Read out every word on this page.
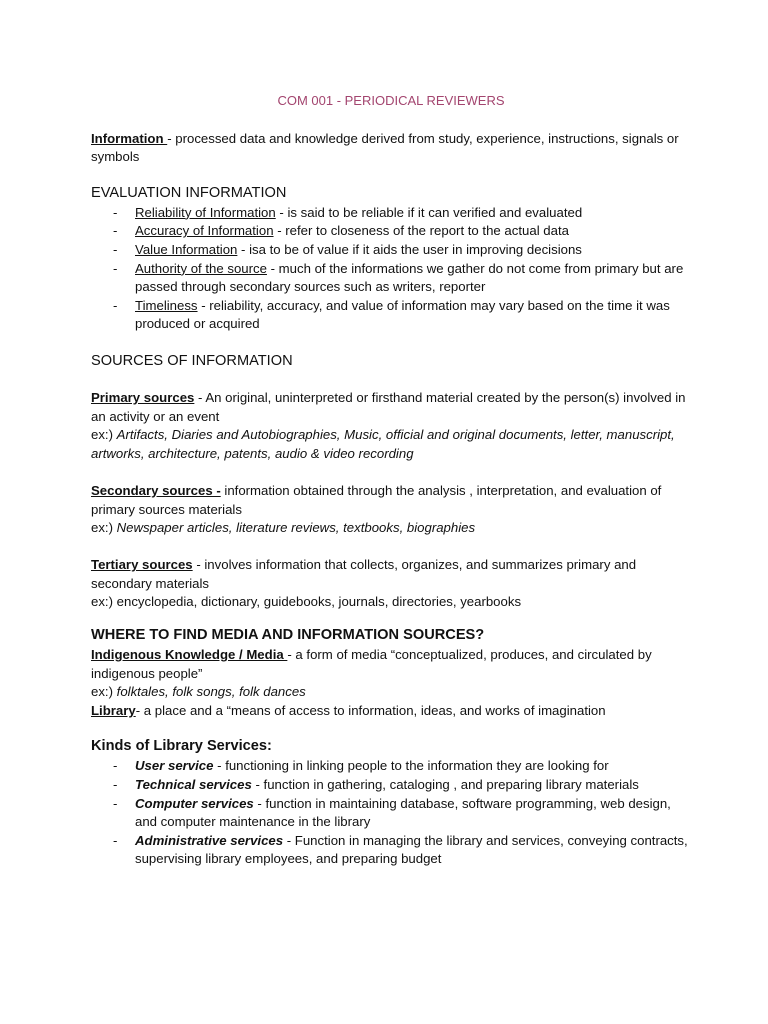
COM 001 - PERIODICAL REVIEWERS

Information - processed data and knowledge derived from study, experience, instructions, signals or symbols

EVALUATION INFORMATION
- Reliability of Information - is said to be reliable if it can verified and evaluated
- Accuracy of Information - refer to closeness of the report to the actual data
- Value Information - isa to be of value if it aids the user in improving decisions
- Authority of the source - much of the informations we gather do not come from primary but are passed through secondary sources such as writers, reporter
- Timeliness - reliability, accuracy, and value of information may vary based on the time it was produced or acquired
SOURCES OF INFORMATION

Primary sources - An original, uninterpreted or firsthand material created by the person(s) involved in an activity or an event

ex:) Artifacts, Diaries and Autobiographies, Music, official and original documents, letter, manuscript, artworks, architecture, patents, audio & video recording

Secondary sources - information obtained through the analysis , interpretation, and evaluation of primary sources materials

ex:) Newspaper articles, literature reviews, textbooks, biographies

Tertiary sources - involves information that collects, organizes, and summarizes primary and secondary materials

ex:) encyclopedia, dictionary, guidebooks, journals, directories, yearbooks

WHERE TO FIND MEDIA AND INFORMATION SOURCES?

Indigenous Knowledge / Media - a form of media “conceptualized, produces, and circulated by indigenous people”

ex:) folktales, folk songs, folk dances

Library- a place and a “means of access to information, ideas, and works of imagination

Kinds of Library Services:
- User service - functioning in linking people to the information they are looking for
- Technical services - function in gathering, cataloging , and preparing library materials
- Computer services - function in maintaining database, software programming, web design, and computer maintenance in the library
- Administrative services - Function in managing the library and services, conveying contracts, supervising library employees, and preparing budget
